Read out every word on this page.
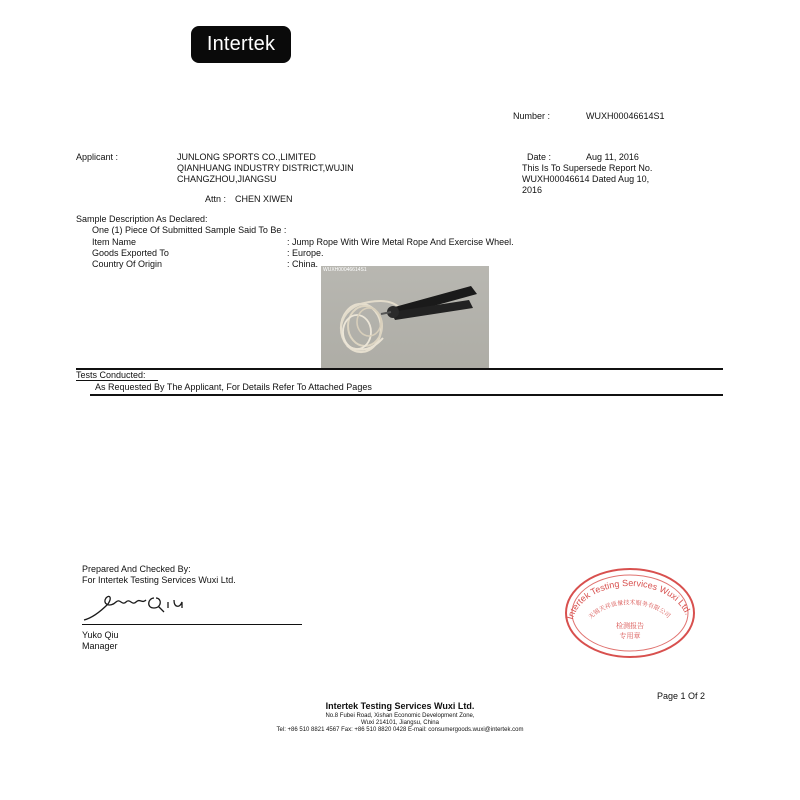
Intertek
Number :	WUXH00046614S1
Applicant :	JUNLONG SPORTS CO.,LIMITED
QIANHUANG INDUSTRY DISTRICT,WUJIN
CHANGZHOU,JIANGSU
Attn : CHEN XIWEN
Date :	Aug 11, 2016
This Is To Supersede Report No.
WUXH00046614 Dated Aug 10,
2016
Sample Description As Declared:
One (1) Piece Of Submitted Sample Said To Be :
Item Name	: Jump Rope With Wire Metal Rope And Exercise Wheel.
Goods Exported To	: Europe.
Country Of Origin	: China.
WUXH00046614S1
Tests Conducted:
As Requested By The Applicant, For Details Refer To Attached Pages
Prepared And Checked By:
For Intertek Testing Services Wuxi Ltd.
Yuko Qiu
Manager
Intertek Testing Services Wuxi Ltd.
无锡天祥质量技术服务有限公司
检测报告
专用章
Page 1 Of 2
Intertek Testing Services Wuxi Ltd.
No.8 Fubei Road, Xishan Economic Development Zone,
Wuxi 214101, Jiangsu, China
Tel: +86 510 8821 4567 Fax: +86 510 8820 0428 E-mail: consumergoods.wuxi@intertek.com
